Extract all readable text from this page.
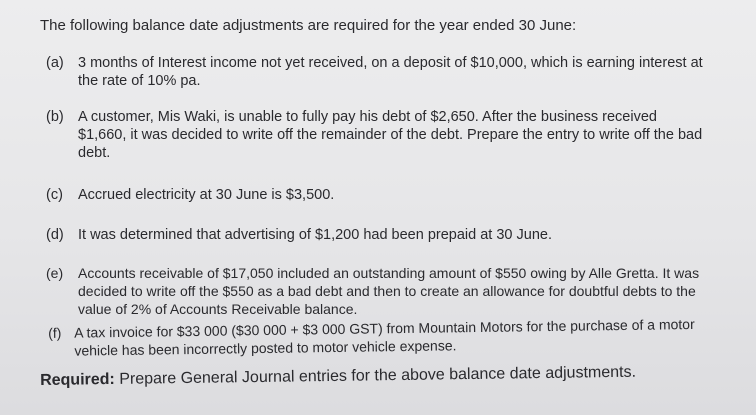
The following balance date adjustments are required for the year ended 30 June:
(a) 3 months of Interest income not yet received, on a deposit of $10,000, which is earning interest at the rate of 10% pa.
(b) A customer, Mis Waki, is unable to fully pay his debt of $2,650. After the business received $1,660, it was decided to write off the remainder of the debt. Prepare the entry to write off the bad debt.
(c)	Accrued electricity at 30 June is $3,500.
(d) It was determined that advertising of $1,200 had been prepaid at 30 June.
(e)	Accounts receivable of $17,050 included an outstanding amount of $550 owing by Alle Gretta. It was decided to write off the $550 as a bad debt and then to create an allowance for doubtful debts to the value of 2% of Accounts Receivable balance.
(f) A tax invoice for $33 000 ($30 000 + $3 000 GST) from Mountain Motors for the purchase of a motor vehicle has been incorrectly posted to motor vehicle expense.
Required: Prepare General Journal entries for the above balance date adjustments.
